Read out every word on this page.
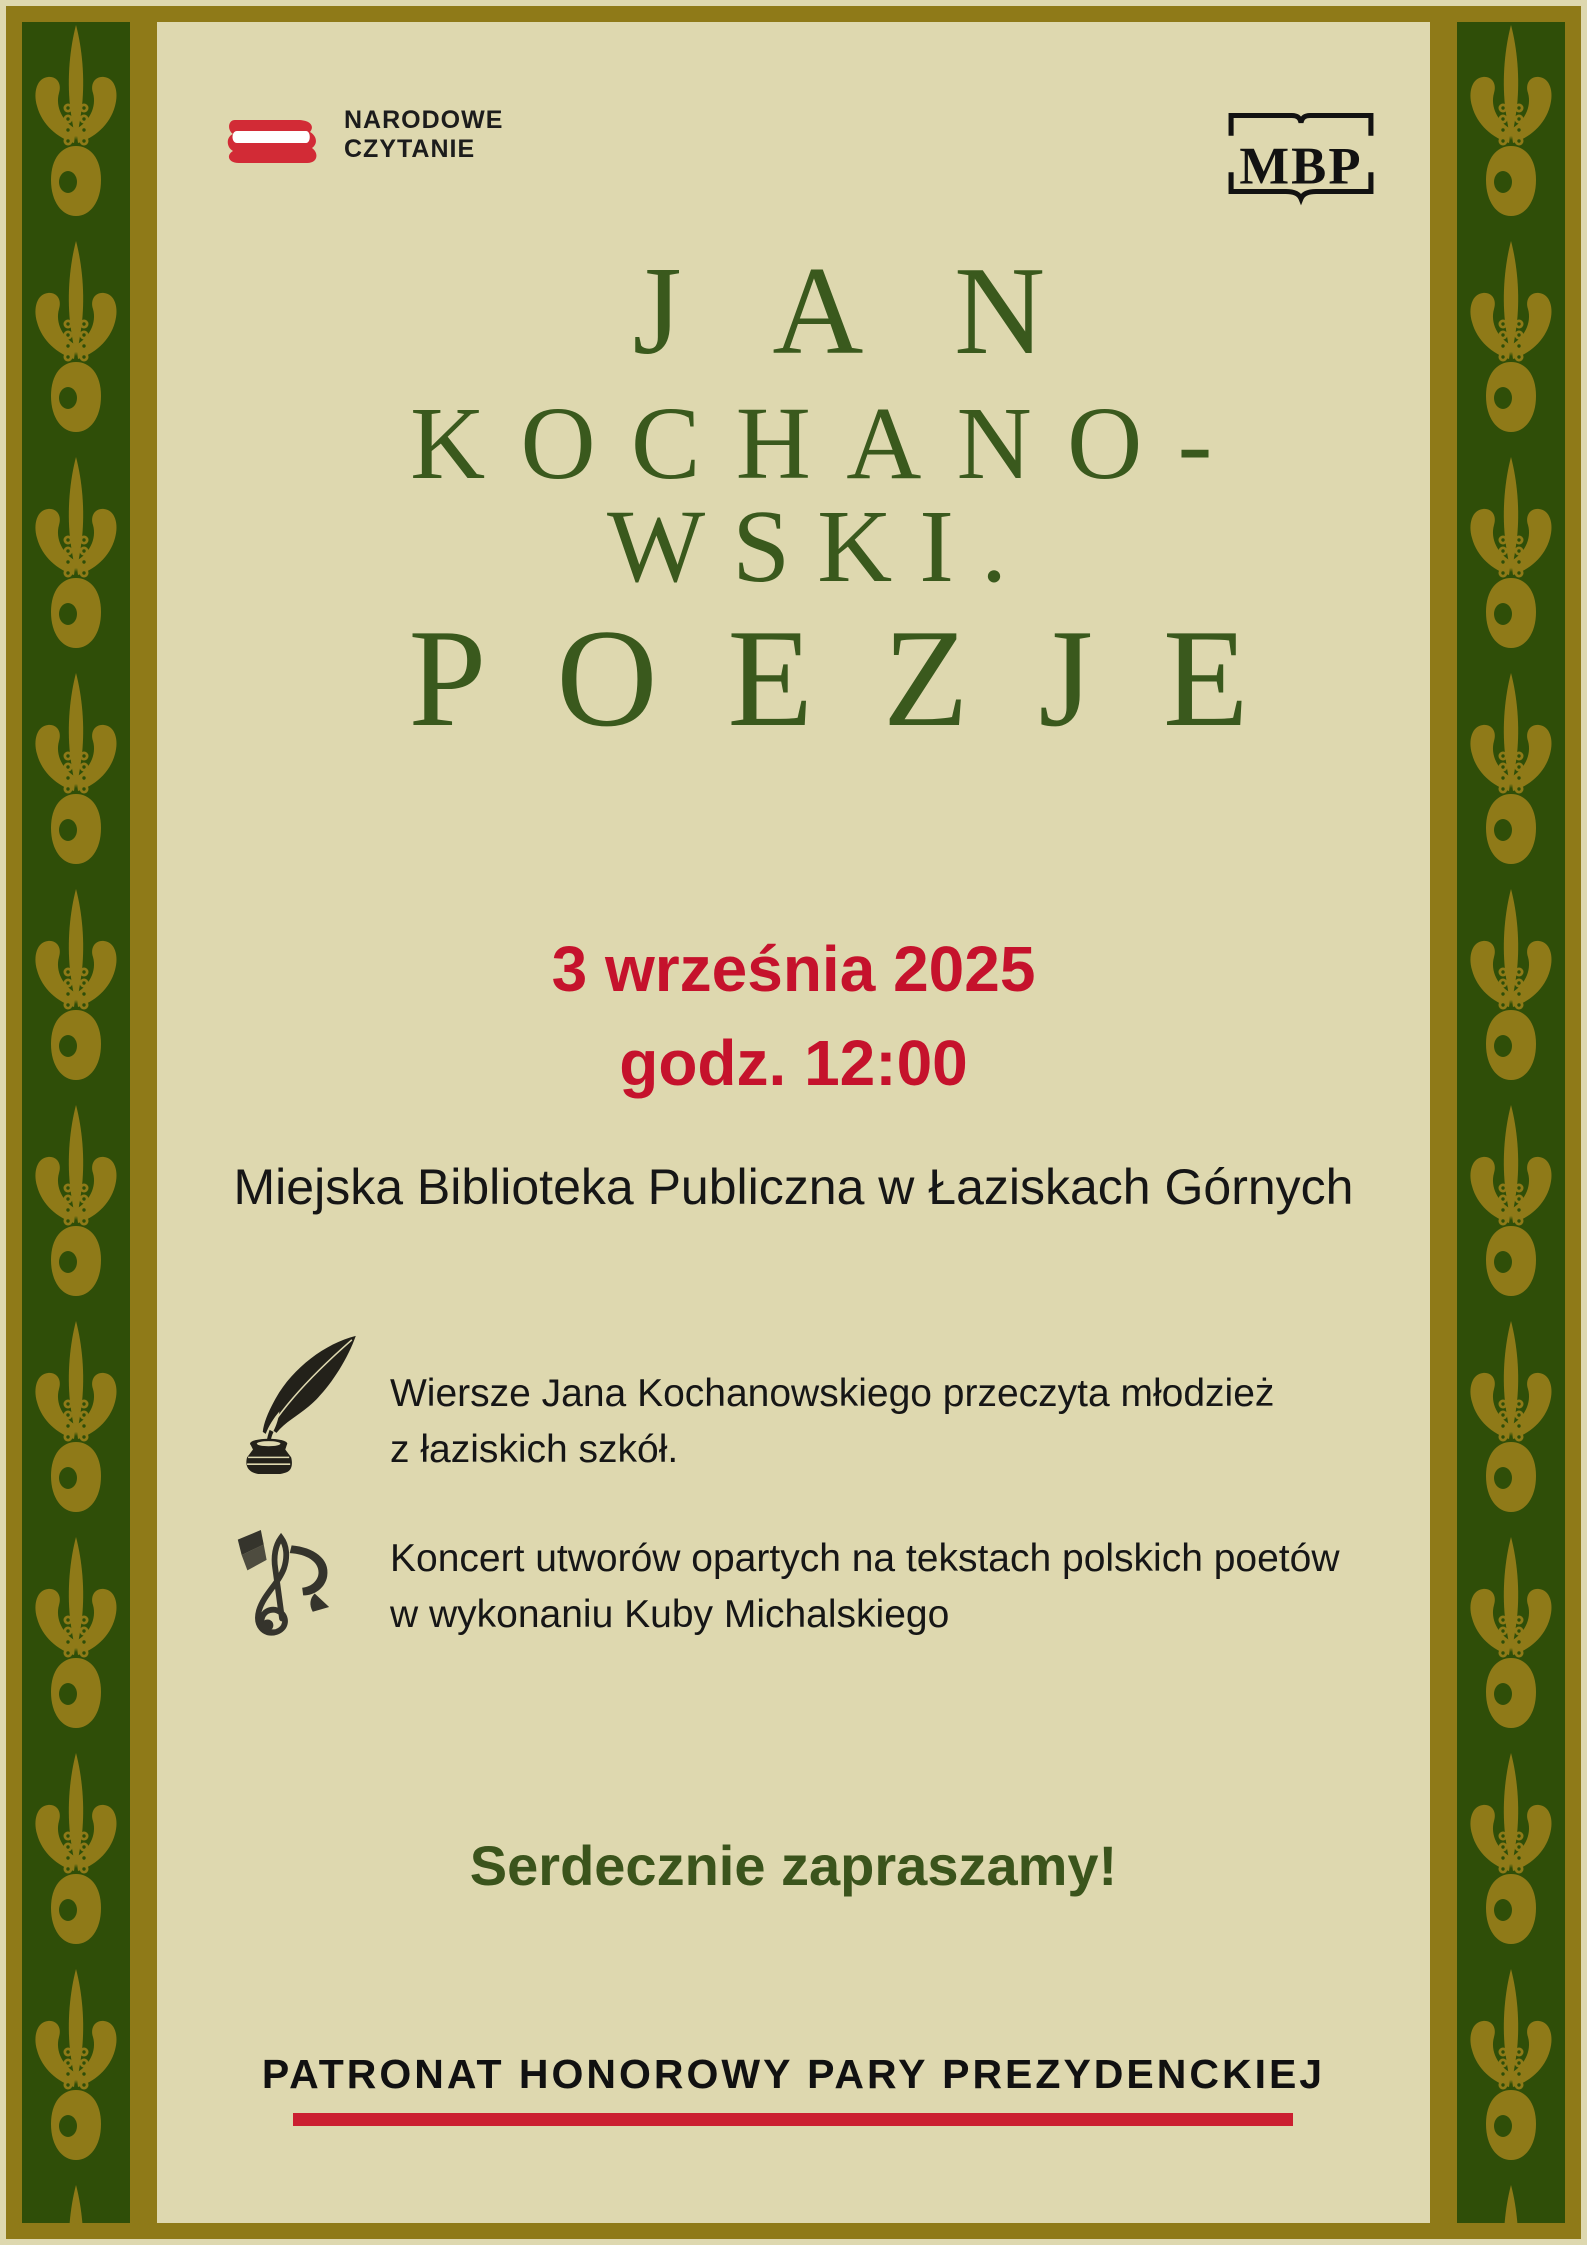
NARODOWE
CZYTANIE	MBP
JAN
KOCHANO-
WSKI.
POEZJE
3 września 2025
godz. 12:00
Miejska Biblioteka Publiczna w Łaziskach Górnych
Wiersze Jana Kochanowskiego przeczyta młodzież
z łaziskich szkół.
Koncert utworów opartych na tekstach polskich poetów
w wykonaniu Kuby Michalskiego
Serdecznie zapraszamy!
PATRONAT HONOROWY PARY PREZYDENCKIEJ
